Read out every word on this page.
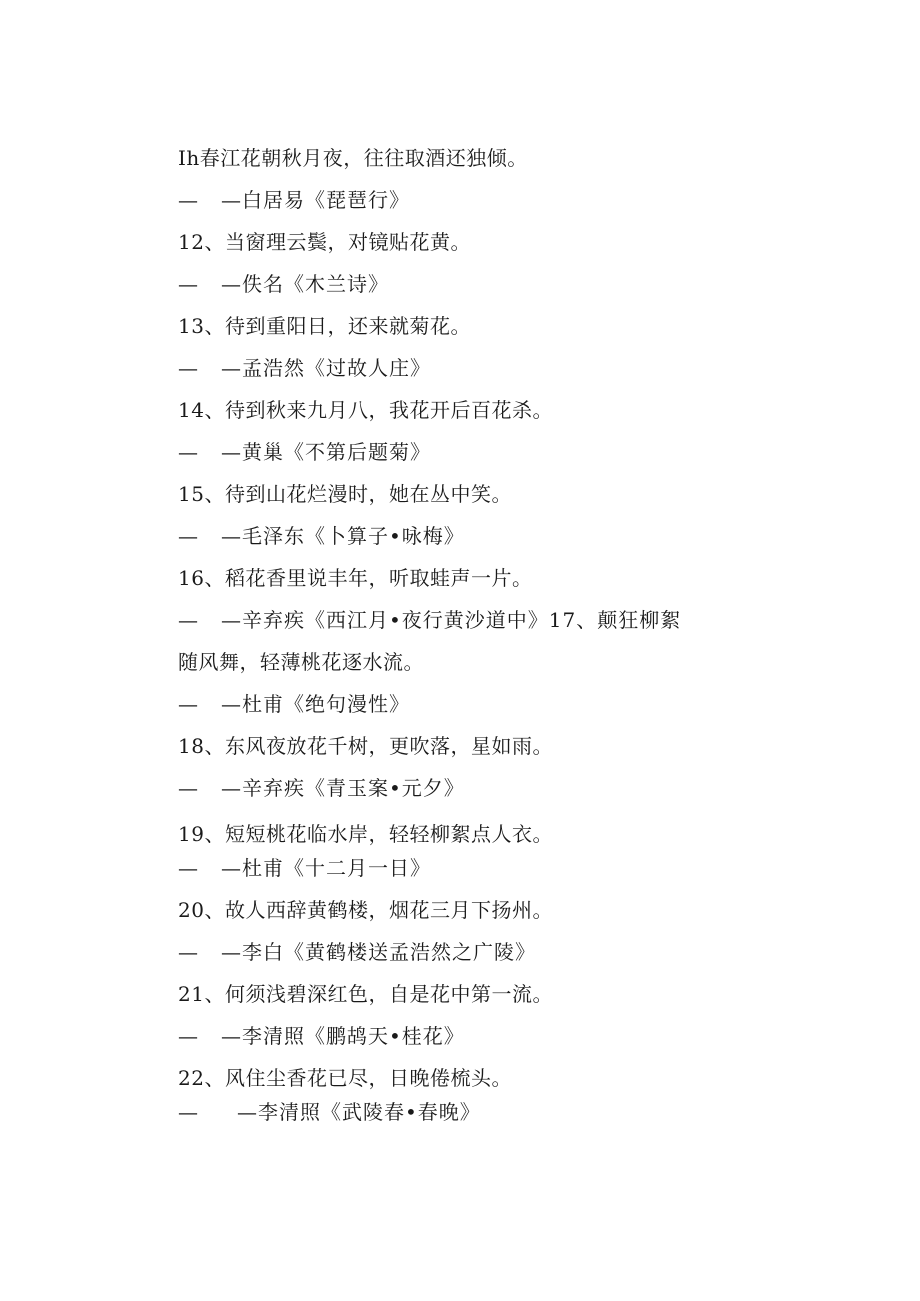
Ih春江花朝秋月夜，往往取酒还独倾。
— —白居易《琵琶行》
12、当窗理云鬓，对镜贴花黄。
— —佚名《木兰诗》
13、待到重阳日，还来就菊花。
— —孟浩然《过故人庄》
14、待到秋来九月八，我花开后百花杀。
— —黄巢《不第后题菊》
15、待到山花烂漫时，她在丛中笑。
— —毛泽东《卜算子•咏梅》
16、稻花香里说丰年，听取蛙声一片。
— —辛弃疾《西江月•夜行黄沙道中》17、颠狂柳絮
随风舞，轻薄桃花逐水流。
— —杜甫《绝句漫性》
18、东风夜放花千树，更吹落，星如雨。
— —辛弃疾《青玉案•元夕》
19、短短桃花临水岸，轻轻柳絮点人衣。
— —杜甫《十二月一日》
20、故人西辞黄鹤楼，烟花三月下扬州。
— —李白《黄鹤楼送孟浩然之广陵》
21、何须浅碧深红色，自是花中第一流。
— —李清照《鹏鸪天•桂花》
22、风住尘香花已尽，日晚倦梳头。
— —李清照《武陵春•春晚》
